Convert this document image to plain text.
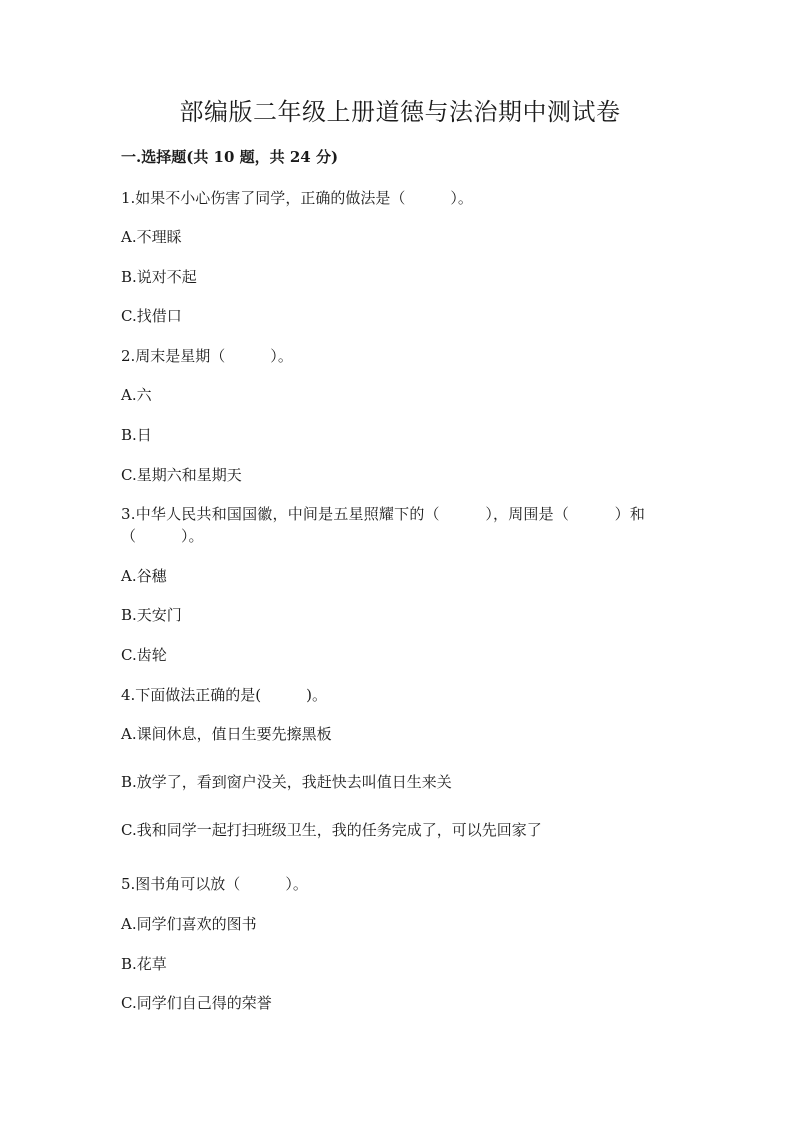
部编版二年级上册道德与法治期中测试卷

一.选择题(共 10 题，共 24 分)

1.如果不小心伤害了同学，正确的做法是（　　　）。

A.不理睬

B.说对不起

C.找借口

2.周末是星期（　　　）。

A.六

B.日

C.星期六和星期天

3.中华人民共和国国徽，中间是五星照耀下的（　　　），周围是（　　　）和

（　　　）。

A.谷穗

B.天安门

C.齿轮

4.下面做法正确的是(　　　)。

A.课间休息，值日生要先擦黑板

B.放学了，看到窗户没关，我赶快去叫值日生来关

C.我和同学一起打扫班级卫生，我的任务完成了，可以先回家了

5.图书角可以放（　　　）。

A.同学们喜欢的图书

B.花草

C.同学们自己得的荣誉
